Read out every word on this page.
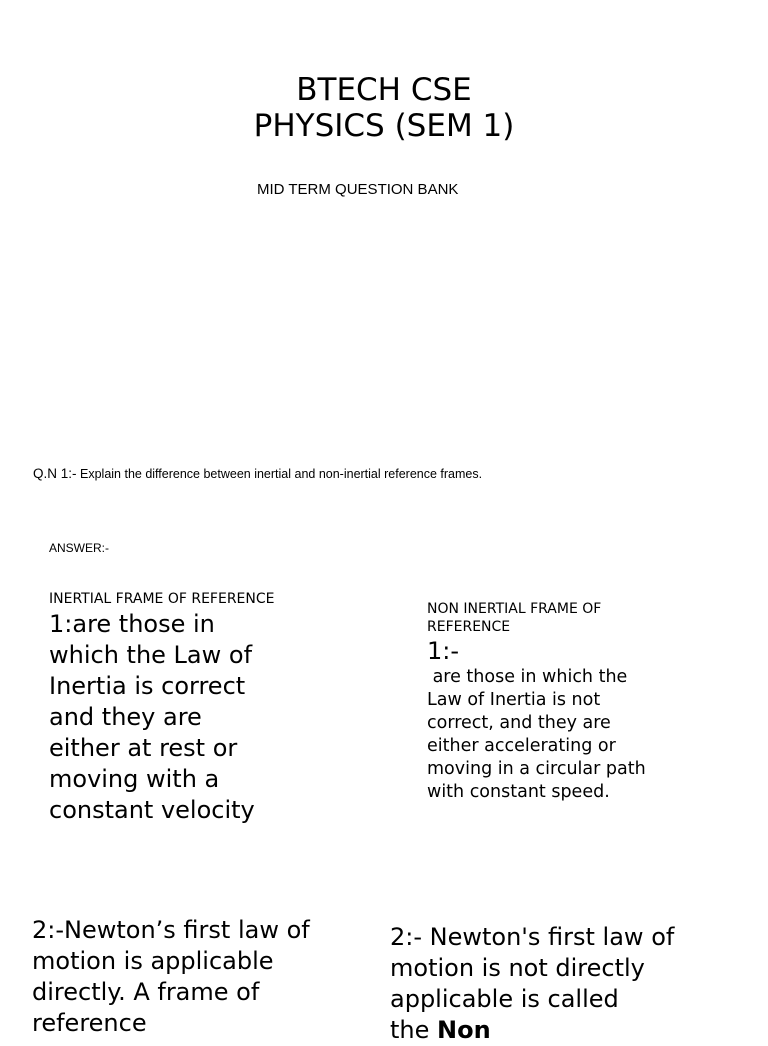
BTECH CSE
PHYSICS (SEM 1)
MID TERM QUESTION BANK
Q.N 1:- Explain the difference between inertial and non-inertial reference frames.
ANSWER:-
INERTIAL FRAME OF REFERENCE
1:are those in
which the Law of
Inertia is correct
and they are
either at rest or
moving with a
constant velocity
NON INERTIAL FRAME OF
REFERENCE
1:-
are those in which the
Law of Inertia is not
correct, and they are
either accelerating or
moving in a circular path
with constant speed.
2:-Newton’s first law of
motion is applicable
directly. A frame of
reference
2:- Newton's first law of
motion is not directly
applicable is called
the Non
